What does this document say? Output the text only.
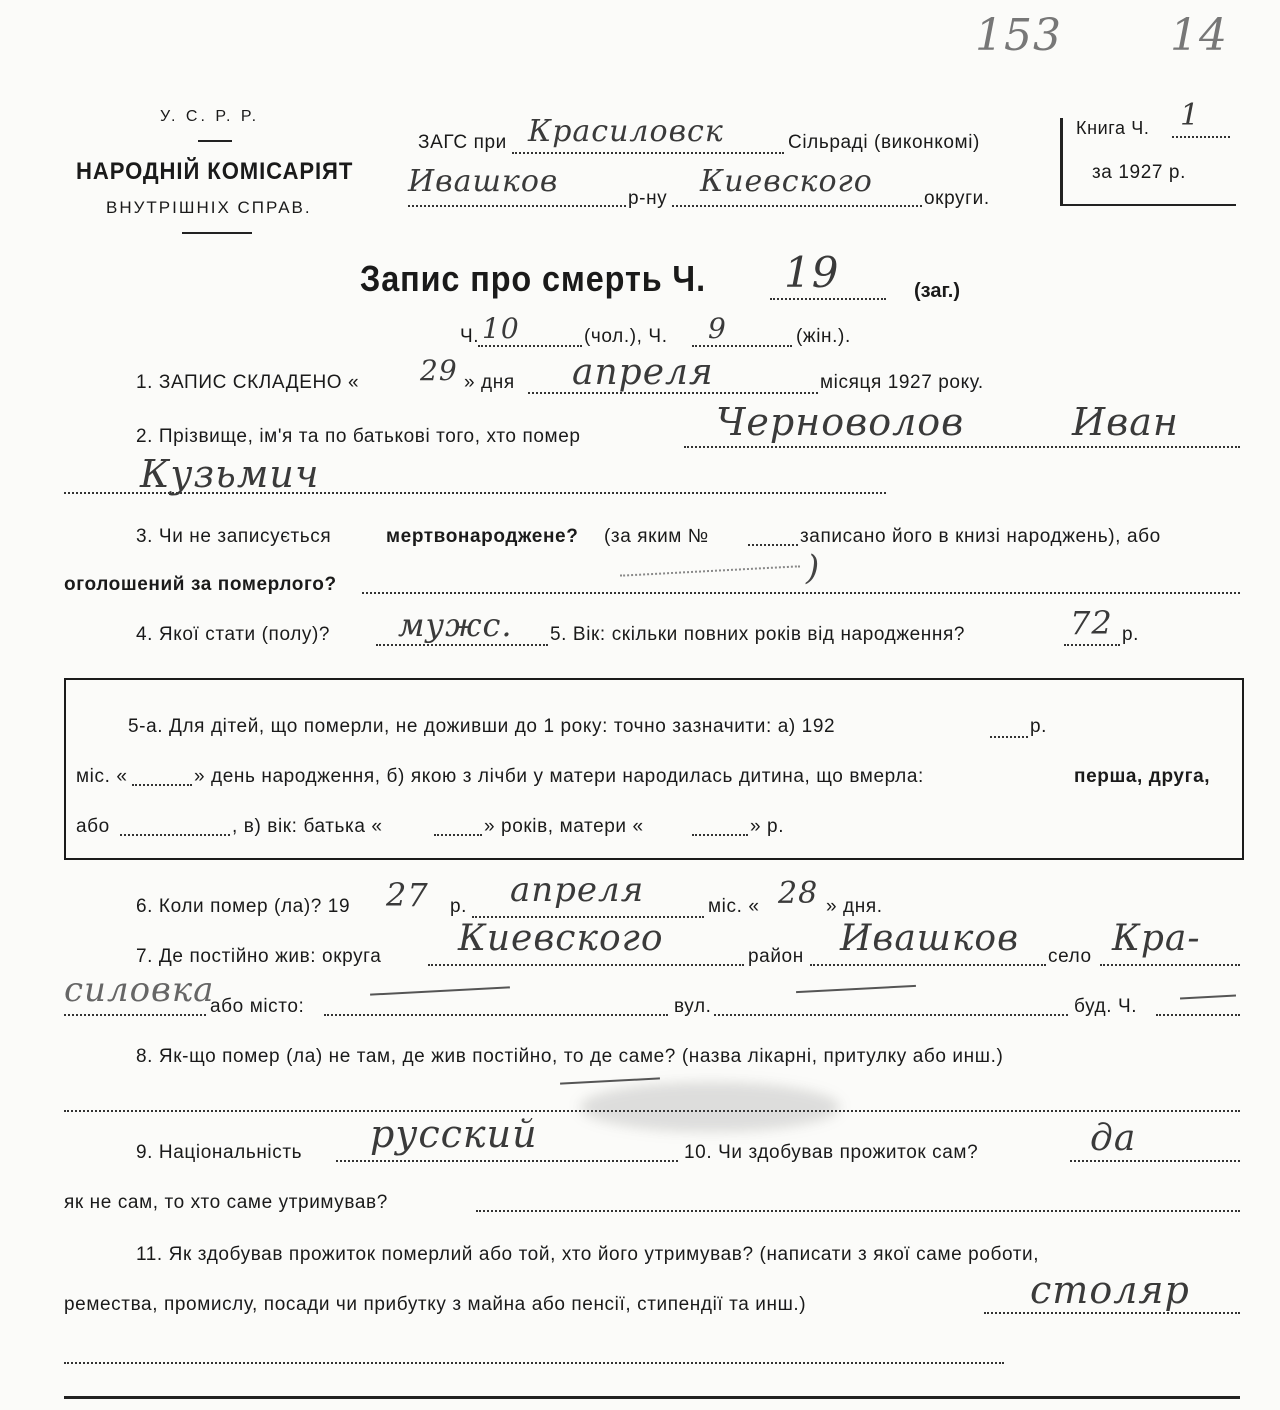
153 14
У. С. Р. Р.
НАРОДНІЙ КОМІСАРІЯТ
ВНУТРІШНІХ СПРАВ.
ЗАГС при Красиловск	Сільраді (виконкомі)
Ивашков	р-ну Киевского	округи.
Книга Ч. 1
за 1927 р.
Запис про смерть Ч. 19	(заг.)
Ч. 10	(чол.), Ч. 9	(жін.).
1. ЗАПИС СКЛАДЕНО « 29 » дня апреля	місяця 1927 року.
2. Прізвище, ім'я та по батькові того, хто помер	Черноволов	Иван
Кузьмич
3. Чи не записується	мертвонароджене? (за яким №	записано його в книзі народжень), або
оголошений за померлого?	)
4. Якої стати (полу)? мужс. 5. Вік: скільки повних років від народження?	72 р.
5-а. Для дітей, що померли, не доживши до 1 року: точно зазначити: а) 192	р.
міс. «	» день народження, б) якою з лічби у матери народилась дитина, що вмерла:	перша, друга,
або	, в) вік: батька «	» років, матери «	» р.
6. Коли помер (ла)? 19 27 р. апреля	міс. « 28 » дня.
7. Де постійно жив: округа Киевского	район Ивашков село Кра-
силовка
або місто:	вул.	буд. Ч.
8. Як-що помер (ла) не там, де жив постійно, то де саме? (назва лікарні, притулку або инш.)
9. Національність русский	10. Чи здобував прожиток сам?	да
як не сам, то хто саме утримував?
11. Як здобував прожиток померлий або той, хто його утримував? (написати з якої саме роботи,
ремества, промислу, посади чи прибутку з майна або пенсії, стипендії та инш.)	столяр
